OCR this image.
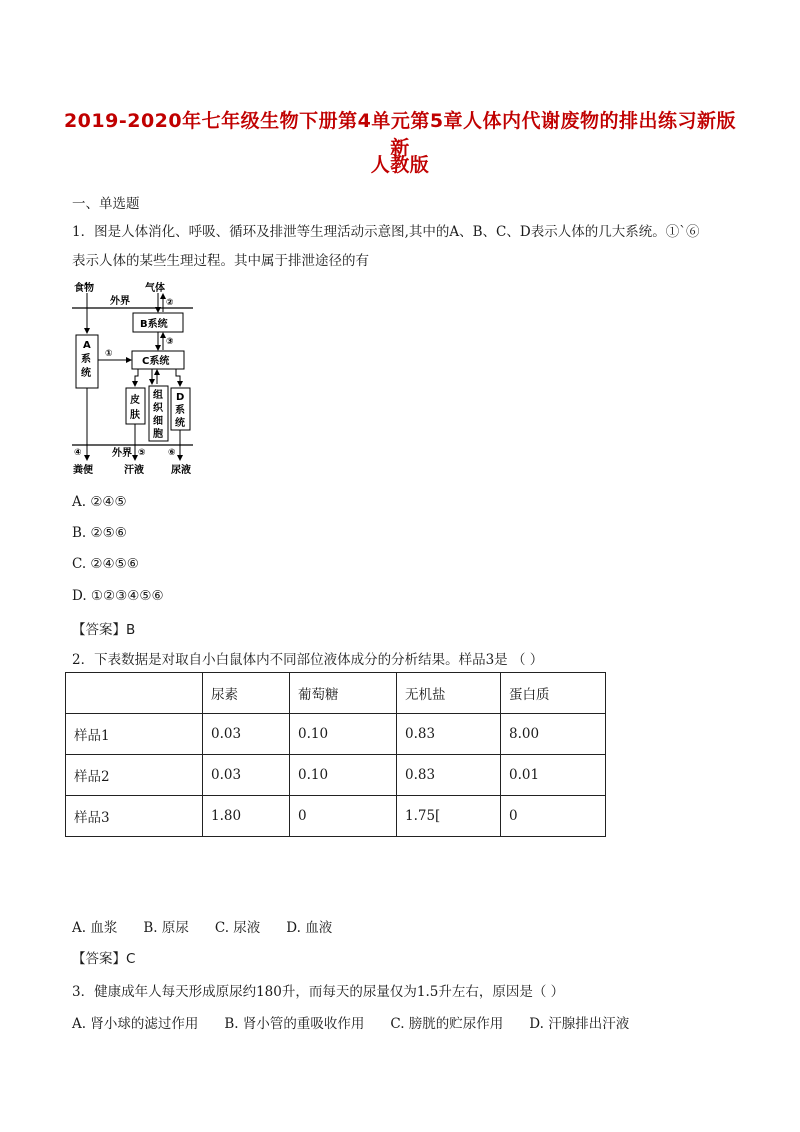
2019-2020年七年级生物下册第4单元第5章人体内代谢废物的排出练习新版新
人教版
一、单选题
1．图是人体消化、呼吸、循环及排泄等生理活动示意图,其中的A、B、C、D表示人体的几大系统。①`⑥
表示人体的某些生理过程。其中属于排泄途径的有
食物	气体
外界	②
B系统
③
A
系
统
①
C系统
皮
肤
组
织
细
胞
D
系
统
④	外界 ⑤ ⑥
粪便	汗液	尿液
A. ②④⑤
B. ②⑤⑥
C. ②④⑤⑥
D. ①②③④⑤⑥
【答案】B
2．下表数据是对取自小白鼠体内不同部位液体成分的分析结果。样品3是 （ ）
	尿素	葡萄糖	无机盐	蛋白质
样品1	0.03	0.10	0.83	8.00
样品2	0.03	0.10	0.83	0.01
样品3	1.80	0	1.75[	0
A. 血浆 B. 原尿 C. 尿液 D. 血液
【答案】C
3．健康成年人每天形成原尿约180升，而每天的尿量仅为1.5升左右，原因是（ ）
A. 肾小球的滤过作用 B. 肾小管的重吸收作用 C. 膀胱的贮尿作用 D. 汗腺排出汗液
